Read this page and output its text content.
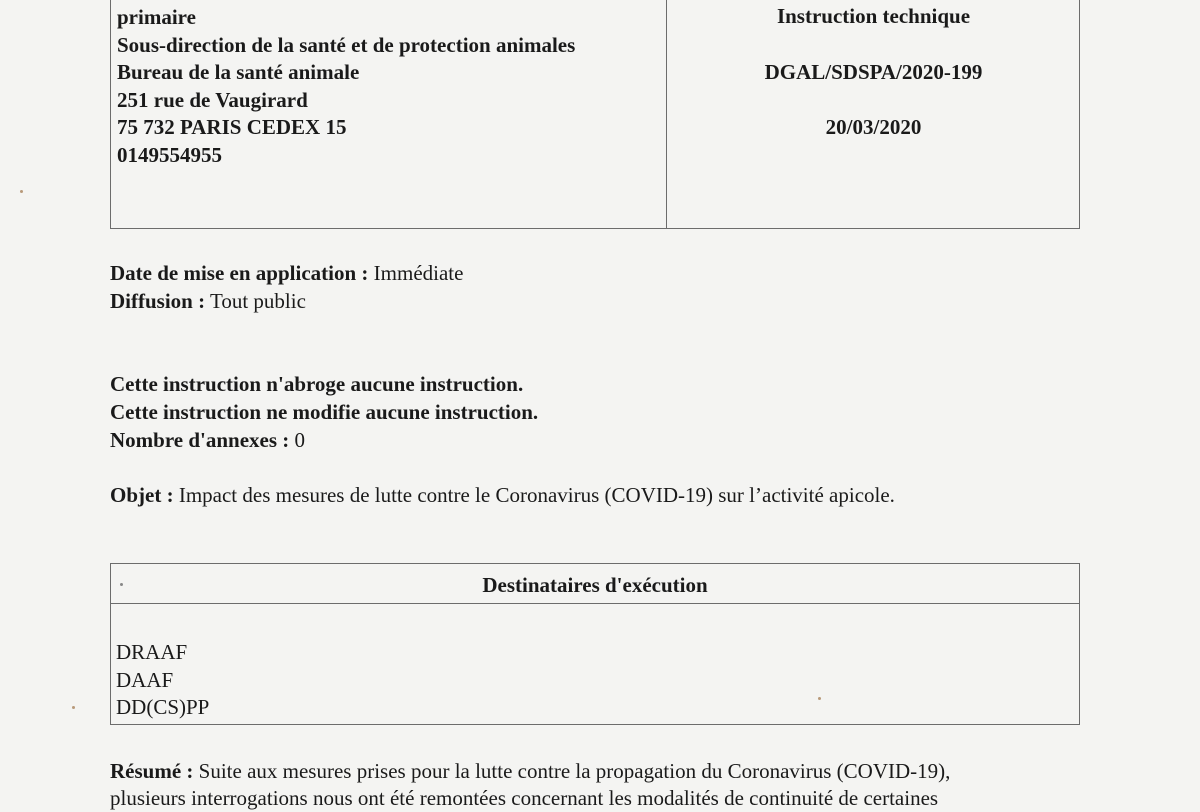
primaire
Sous-direction de la santé et de protection animales
Bureau de la santé animale
251 rue de Vaugirard
75 732 PARIS CEDEX 15
0149554955
Instruction technique
DGAL/SDSPA/2020-199
20/03/2020
Date de mise en application : Immédiate
Diffusion : Tout public
Cette instruction n'abroge aucune instruction.
Cette instruction ne modifie aucune instruction.
Nombre d'annexes : 0
Objet : Impact des mesures de lutte contre le Coronavirus (COVID-19) sur l’activité apicole.
Destinataires d'exécution
DRAAF
DAAF
DD(CS)PP
Résumé : Suite aux mesures prises pour la lutte contre la propagation du Coronavirus (COVID-19),
plusieurs interrogations nous ont été remontées concernant les modalités de continuité de certaines
